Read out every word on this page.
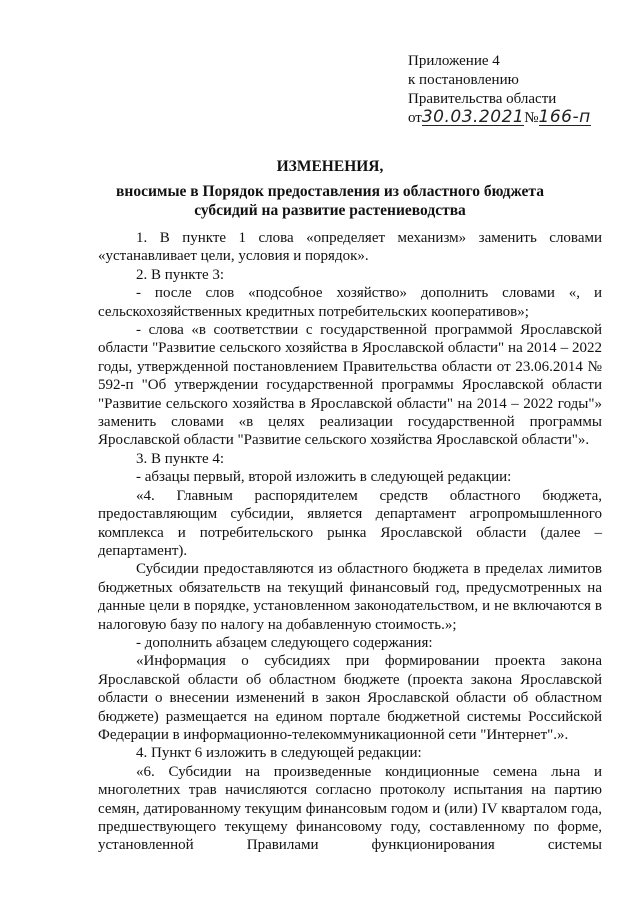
Приложение 4
к постановлению
Правительства области
от30.03.2021№166-п
ИЗМЕНЕНИЯ,
вносимые в Порядок предоставления из областного бюджета субсидий на развитие растениеводства

1. В пункте 1 слова «определяет механизм» заменить словами «устанавливает цели, условия и порядок».

2. В пункте 3:

- после слов «подсобное хозяйство» дополнить словами «, и сельскохозяйственных кредитных потребительских кооперативов»;

- слова «в соответствии с государственной программой Ярославской области "Развитие сельского хозяйства в Ярославской области" на 2014 – 2022 годы, утвержденной постановлением Правительства области от 23.06.2014 № 592-п "Об утверждении государственной программы Ярославской области "Развитие сельского хозяйства в Ярославской области" на 2014 – 2022 годы"» заменить словами «в целях реализации государственной программы Ярославской области "Развитие сельского хозяйства Ярославской области"».

3. В пункте 4:

- абзацы первый, второй изложить в следующей редакции:

«4. Главным распорядителем средств областного бюджета, предоставляющим субсидии, является департамент агропромышленного комплекса и потребительского рынка Ярославской области (далее – департамент).

Субсидии предоставляются из областного бюджета в пределах лимитов бюджетных обязательств на текущий финансовый год, предусмотренных на данные цели в порядке, установленном законодательством, и не включаются в налоговую базу по налогу на добавленную стоимость.»;

- дополнить абзацем следующего содержания:

«Информация о субсидиях при формировании проекта закона Ярославской области об областном бюджете (проекта закона Ярославской области о внесении изменений в закон Ярославской области об областном бюджете) размещается на едином портале бюджетной системы Российской Федерации в информационно-телекоммуникационной сети "Интернет".».

4. Пункт 6 изложить в следующей редакции:

«6. Субсидии на произведенные кондиционные семена льна и многолетних трав начисляются согласно протоколу испытания на партию семян, датированному текущим финансовым годом и (или) IV кварталом года, предшествующего текущему финансовому году, составленному по форме, установленной Правилами функционирования системы
